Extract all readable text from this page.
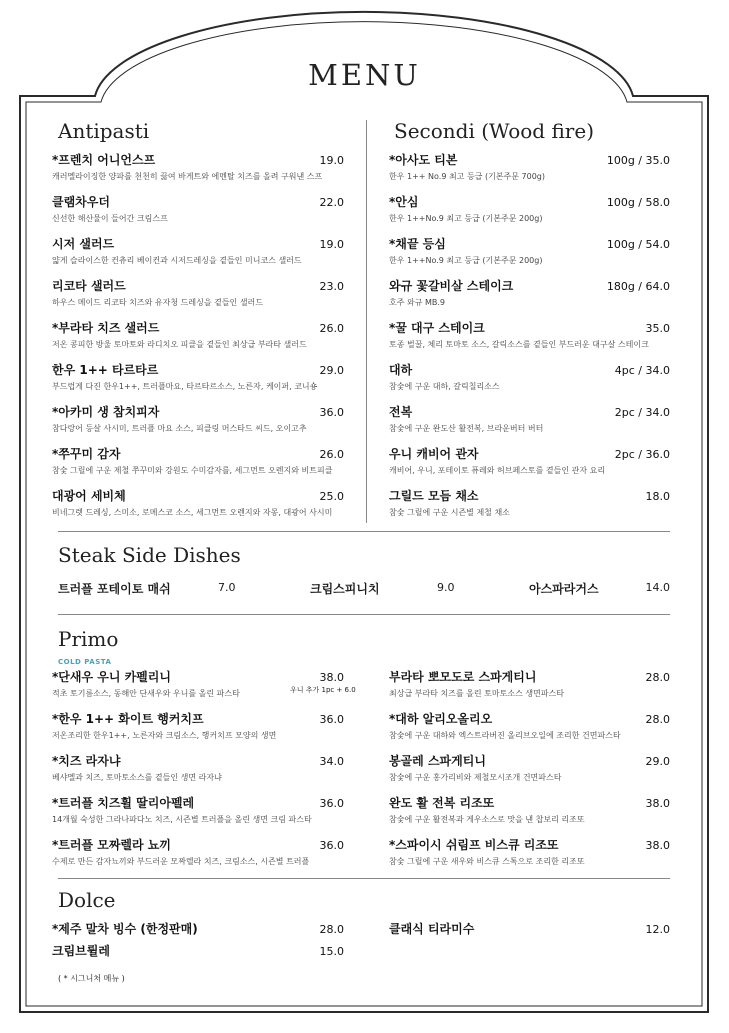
MENU
Antipasti
*프렌치 어니언스프	19.0
캐러멜라이징한 양파를 천천히 끓여 바게트와 에멘탈 치즈를 올려 구워낸 스프
클램차우더	22.0
신선한 해산물이 들어간 크림스프
시저 샐러드	19.0
얇게 슬라이스한 컨츄리 베이컨과 시저드레싱을 곁들인 미니코스 샐러드
리코타 샐러드	23.0
하우스 메이드 리코타 치즈와 유자청 드레싱을 곁들인 샐러드
*부라타 치즈 샐러드	26.0
저온 콩피한 방울 토마토와 라디치오 피클을 곁들인 최상급 부라타 샐러드
한우 1++ 타르타르	29.0
부드럽게 다진 한우1++, 트러플마요, 타르타르소스, 노른자, 케이퍼, 코니숑
*아카미 생 참치피자	36.0
참다랑어 등살 사시미, 트러플 마요 소스, 피클링 머스타드 씨드, 오이고추
*쭈꾸미 감자	26.0
참숯 그릴에 구운 제철 쭈꾸미와 강원도 수미감자를, 세그먼트 오렌지와 비트피클
대광어 세비체	25.0
비네그렛 드레싱, 스미소, 로메스코 소스, 세그먼트 오렌지와 자몽, 대광어 사시미
Secondi (Wood fire)
*아사도 티본	100g / 35.0
한우 1++ No.9 최고 등급 (기본주문 700g)
*안심	100g / 58.0
한우 1++No.9 최고 등급 (기본주문 200g)
*채끝 등심	100g / 54.0
한우 1++No.9 최고 등급 (기본주문 200g)
와규 꽃갈비살 스테이크	180g / 64.0
호주 와규 MB.9
*꿀 대구 스테이크	35.0
토종 벌꿀, 체리 토마토 소스, 갈릭소스를 곁들인 부드러운 대구살 스테이크
대하	4pc / 34.0
참숯에 구운 대하, 갈릭칠리소스
전복	2pc / 34.0
참숯에 구운 완도산 활전복, 브라운버터 버터
우니 캐비어 관자	2pc / 36.0
캐비어, 우니, 포테이토 퓨레와 허브페스토를 곁들인 관자 요리
그릴드 모듬 채소	18.0
참숯 그릴에 구운 시즌별 제철 채소
Steak Side Dishes
트러플 포테이토 매쉬	7.0	크림스피니치	9.0	아스파라거스	14.0
Primo
COLD PASTA
우니 추가 1pc + 6.0
*단새우 우니 카펠리니	38.0
적초 토기름소스, 동해안 단새우와 우니를 올린 파스타
*한우 1++ 화이트 행커치프	36.0
저온조리한 한우1++, 노른자와 크림소스, 행커치프 모양의 생면
*치즈 라자냐	34.0
베샤멜과 치즈, 토마토소스를 곁들인 생면 라자냐
*트러플 치즈휠 딸리아펠레	36.0
14개월 숙성한 그라나파다노 치즈, 시즌별 트러플을 올린 생면 크림 파스타
*트러플 모짜렐라 뇨끼	36.0
수제로 만든 감자뇨끼와 부드러운 모짜렐라 치즈, 크림소스, 시즌별 트러플
부라타 뽀모도로 스파게티니	28.0
최상급 부라타 치즈를 올린 토마토소스 생면파스타
*대하 알리오올리오	28.0
참숯에 구운 대하와 엑스트라버진 올리브오일에 조리한 건면파스타
봉골레 스파게티니	29.0
참숯에 구운 홍가리비와 제철모시조개 건면파스타
완도 활 전복 리조또	38.0
참숯에 구운 활전복과 게우소스로 맛을 낸 찹보리 리조또
*스파이시 쉬림프 비스큐 리조또	38.0
참숯 그릴에 구운 새우와 비스큐 스톡으로 조리한 리조또
Dolce
*제주 말차 빙수 (한정판매)	28.0
크림브륄레	15.0
클래식 티라미수	12.0
( * 시그니처 메뉴 )
